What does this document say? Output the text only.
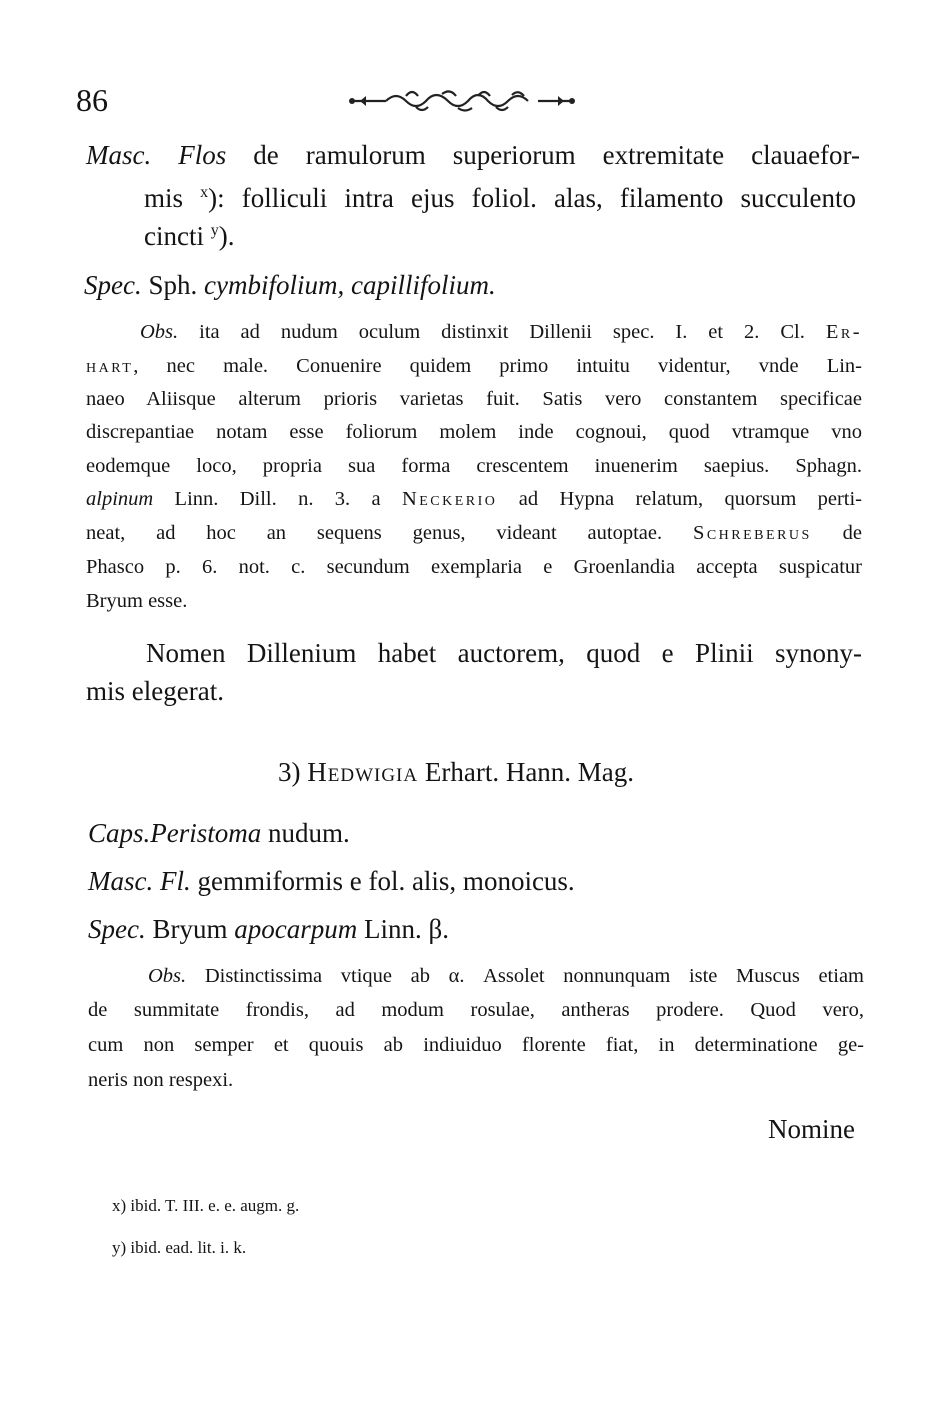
86
Masc. Flos de ramulorum superiorum extremitate clauaefor-
mis $^x$): folliculi intra ejus foliol. alas, filamento succulento
cincti $^y$).
Spec. Sph. cymbifolium, capillifolium.
Obs. ita ad nudum oculum distinxit Dillenii spec. I. et 2. Cl. Er-
hart, nec male. Conuenire quidem primo intuitu videntur, vnde Lin-
naeo Aliisque alterum prioris varietas fuit. Satis vero constantem specificae
discrepantiae notam esse foliorum molem inde cognoui, quod vtramque vno
eodemque loco, propria sua forma crescentem inuenerim saepius. Sphagn.
alpinum Linn. Dill. n. 3. a Neckerio ad Hypna relatum, quorsum perti-
neat, ad hoc an sequens genus, videant autoptae. Schreberus de
Phasco p. 6. not. c. secundum exemplaria e Groenlandia accepta suspicatur
Bryum esse.
Nomen Dillenium habet auctorem, quod e Plinii synony-
mis elegerat.
3) Hedwigia Erhart. Hann. Mag.
Caps.Peristoma nudum.
Masc. Fl. gemmiformis e fol. alis, monoicus.
Spec. Bryum apocarpum Linn. β.
Obs. Distinctissima vtique ab α. Assolet nonnunquam iste Muscus etiam
de summitate frondis, ad modum rosulae, antheras prodere. Quod vero,
cum non semper et quouis ab indiuiduo florente fiat, in determinatione ge-
neris non respexi.
Nomine
x) ibid. T. III. e. e. augm. g.
y) ibid. ead. lit. i. k.
